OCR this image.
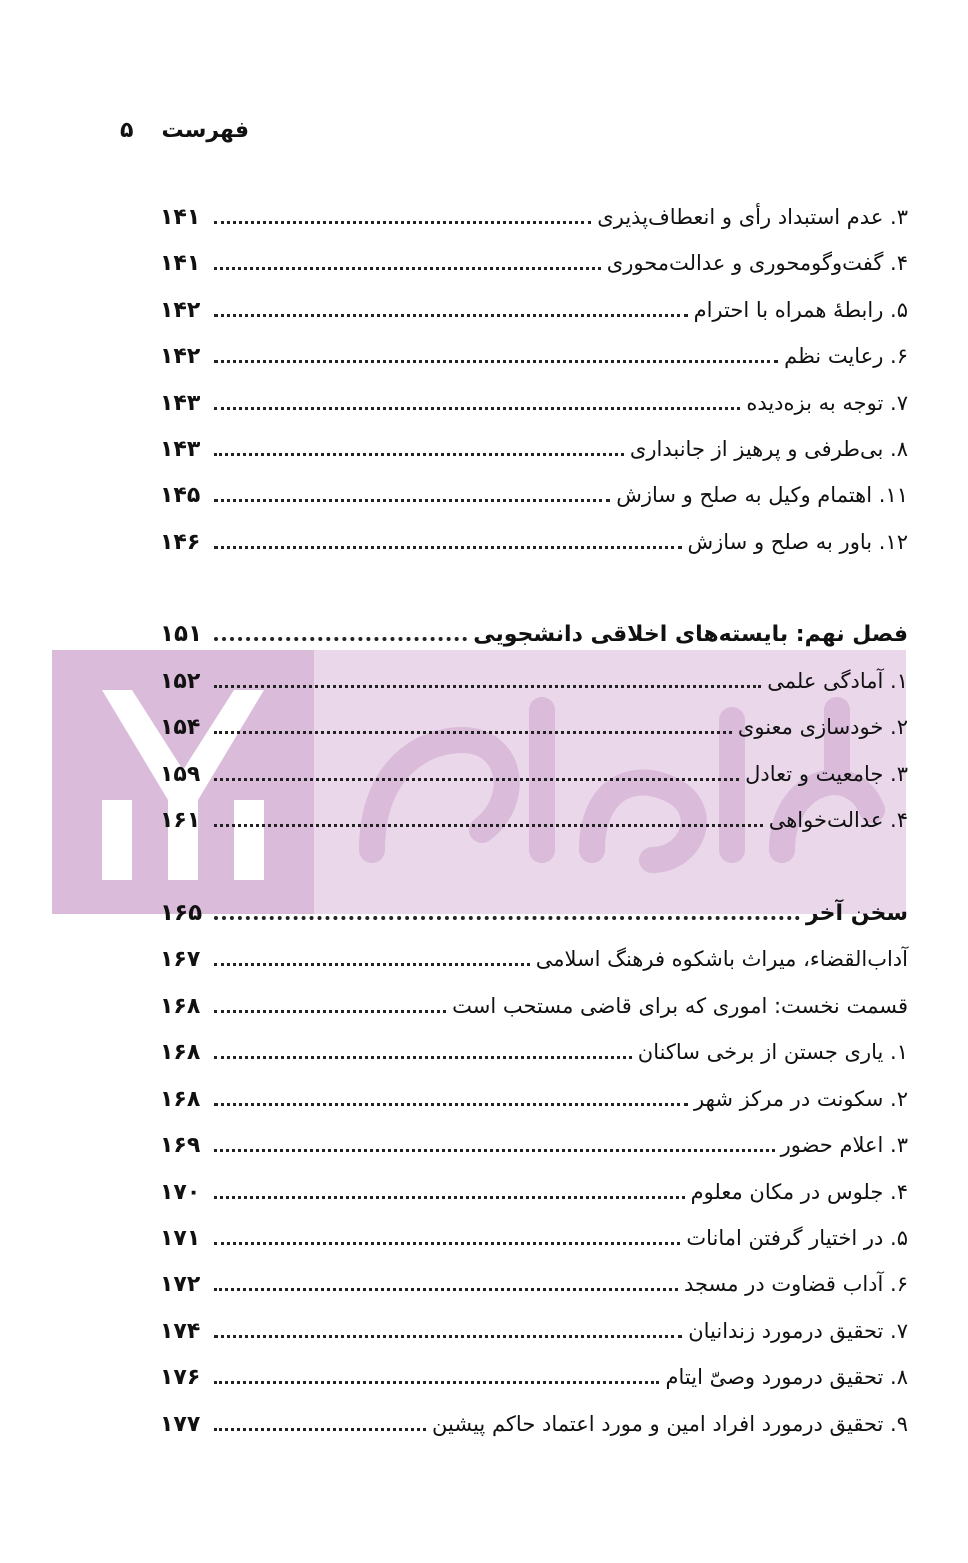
فهرست
۵
۳. عدم استبداد رأی و انعطاف‌پذیری
۱۴۱
۴. گفت‌وگومحوری و عدالت‌محوری
۱۴۱
۵. رابطهٔ همراه با احترام
۱۴۲
۶. رعایت نظم
۱۴۲
۷. توجه به بزه‌دیده
۱۴۳
۸. بی‌طرفی و پرهیز از جانبداری
۱۴۳
۱۱. اهتمام وکیل به صلح و سازش
۱۴۵
۱۲. باور به صلح و سازش
۱۴۶
فصل نهم: بایسته‌های اخلاقی دانشجویی
۱۵۱
۱. آمادگی علمی
۱۵۲
۲. خودسازی معنوی
۱۵۴
۳. جامعیت و تعادل
۱۵۹
۴. عدالت‌خواهی
۱۶۱
سخن آخر
۱۶۵
آداب‌القضاء، میراث باشکوه فرهنگ اسلامی
۱۶۷
قسمت نخست: اموری که برای قاضی مستحب است
۱۶۸
۱. یاری جستن از برخی ساکنان
۱۶۸
۲. سکونت در مرکز شهر
۱۶۸
۳. اعلام حضور
۱۶۹
۴. جلوس در مکان معلوم
۱۷۰
۵. در اختیار گرفتن امانات
۱۷۱
۶. آداب قضاوت در مسجد
۱۷۲
۷. تحقیق درمورد زندانیان
۱۷۴
۸. تحقیق درمورد وصیّ ایتام
۱۷۶
۹. تحقیق درمورد افراد امین و مورد اعتماد حاکم پیشین
۱۷۷
